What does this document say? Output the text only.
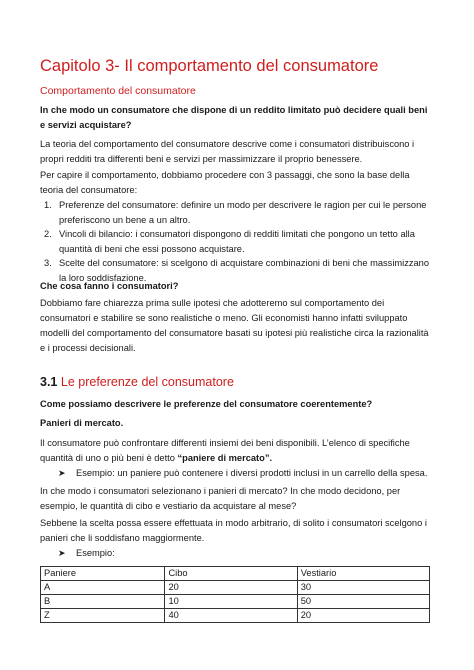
Capitolo 3- Il comportamento del consumatore
Comportamento del consumatore
In che modo un consumatore che dispone di un reddito limitato può decidere quali beni e servizi acquistare?
La teoria del comportamento del consumatore descrive come i consumatori distribuiscono i propri redditi tra differenti beni e servizi per massimizzare il proprio benessere.
Per capire il comportamento, dobbiamo procedere con 3 passaggi, che sono la base della teoria del consumatore:
1. Preferenze del consumatore: definire un modo per descrivere le ragion per cui le persone preferiscono un bene a un altro.
2. Vincoli di bilancio: i consumatori dispongono di redditi limitati che pongono un tetto alla quantità di beni che essi possono acquistare.
3. Scelte del consumatore: si scelgono di acquistare combinazioni di beni che massimizzano la loro soddisfazione.
Che cosa fanno i consumatori?
Dobbiamo fare chiarezza prima sulle ipotesi che adotteremo sul comportamento dei consumatori e stabilire se sono realistiche o meno. Gli economisti hanno infatti sviluppato modelli del comportamento del consumatore basati su ipotesi più realistiche circa la razionalità e i processi decisionali.
3.1 Le preferenze del consumatore
Come possiamo descrivere le preferenze del consumatore coerentemente?
Panieri di mercato.
Il consumatore può confrontare differenti insiemi dei beni disponibili. L’elenco di specifiche quantità di uno o più beni è detto “paniere di mercato”.
➤ Esempio: un paniere può contenere i diversi prodotti inclusi in un carrello della spesa.
In che modo i consumatori selezionano i panieri di mercato? In che modo decidono, per esempio, le quantità di cibo e vestiario da acquistare al mese?
Sebbene la scelta possa essere effettuata in modo arbitrario, di solito i consumatori scelgono i panieri che li soddisfano maggiormente.
➤ Esempio:
Paniere	Cibo	Vestiario
A	20	30
B	10	50
Z	40	20
